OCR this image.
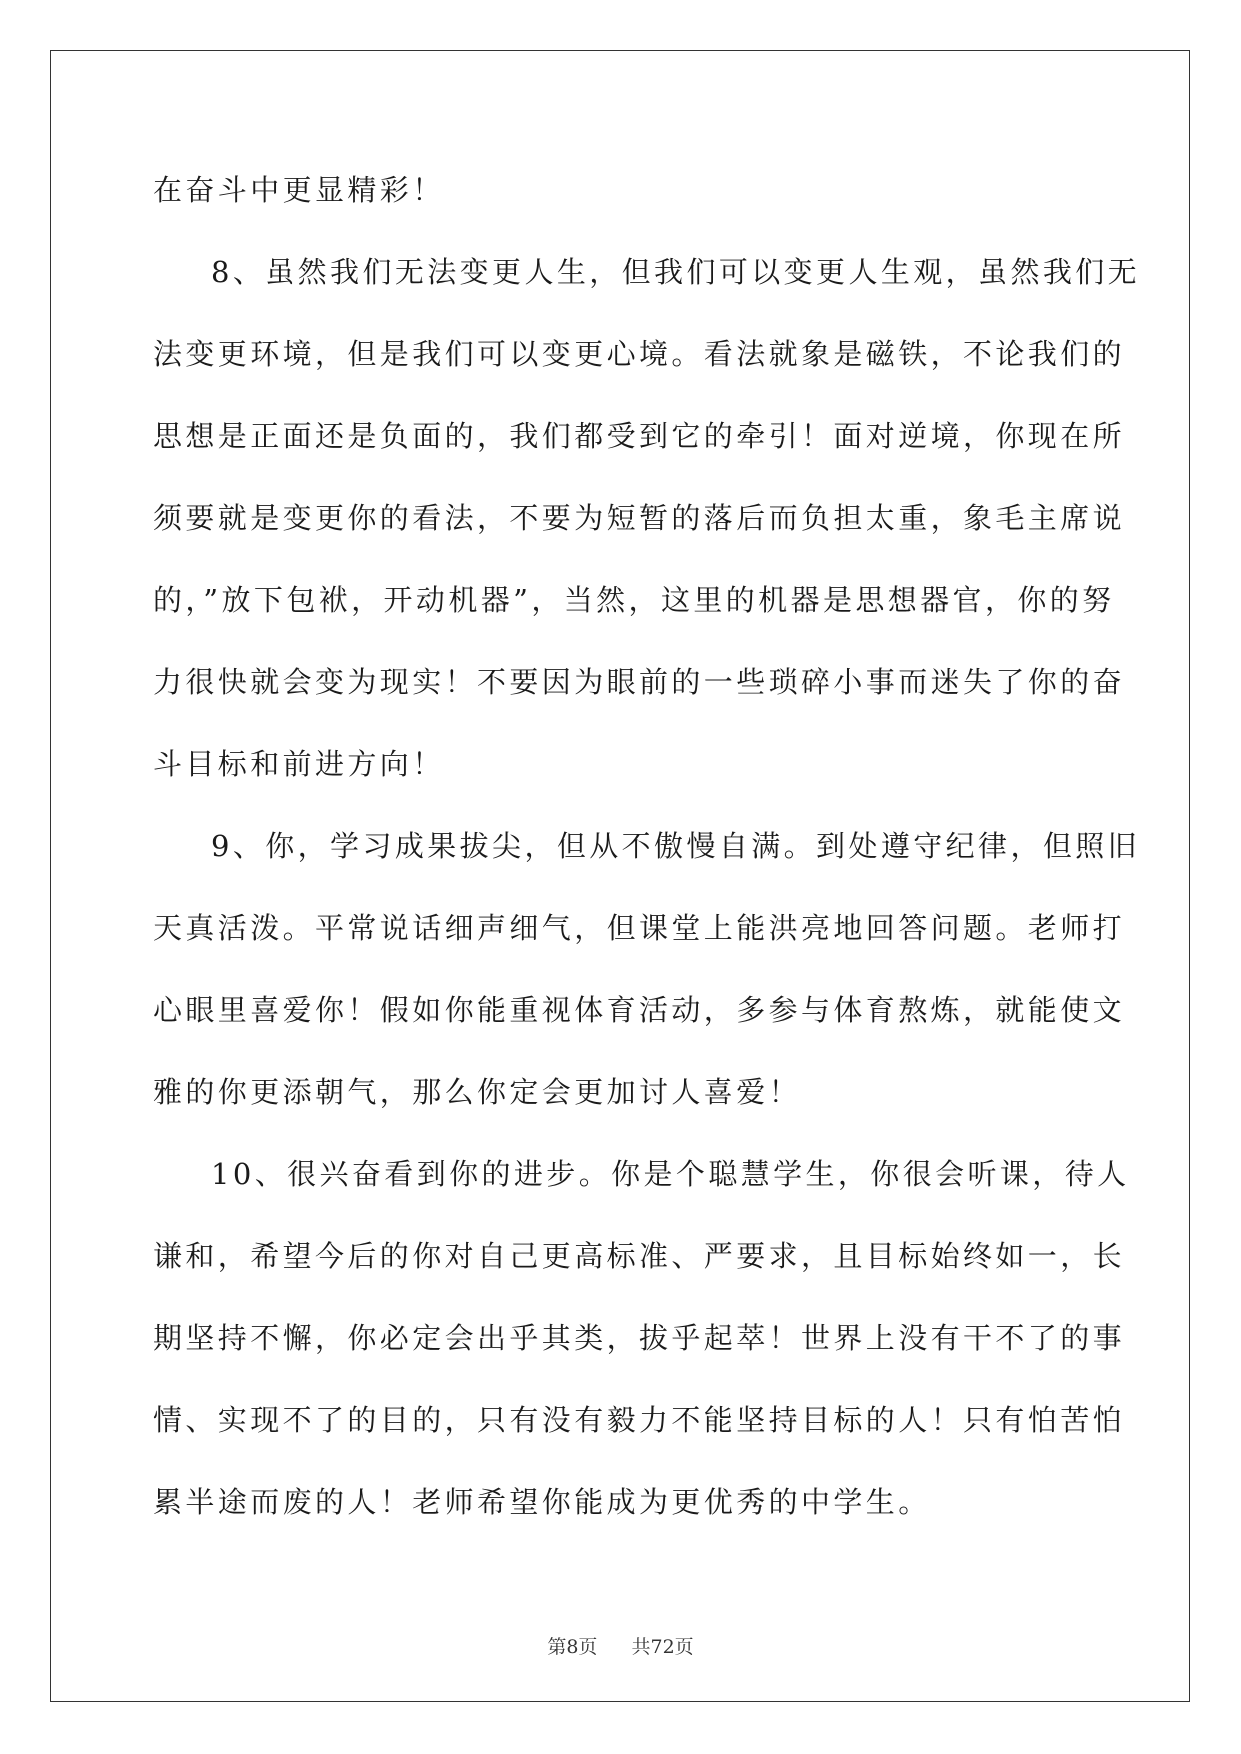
在奋斗中更显精彩！
8、虽然我们无法变更人生，但我们可以变更人生观，虽然我们无
法变更环境，但是我们可以变更心境。看法就象是磁铁，不论我们的
思想是正面还是负面的，我们都受到它的牵引！面对逆境，你现在所
须要就是变更你的看法，不要为短暂的落后而负担太重，象毛主席说
的，”放下包袱，开动机器”，当然，这里的机器是思想器官，你的努
力很快就会变为现实！不要因为眼前的一些琐碎小事而迷失了你的奋
斗目标和前进方向！
9、你，学习成果拔尖，但从不傲慢自满。到处遵守纪律，但照旧
天真活泼。平常说话细声细气，但课堂上能洪亮地回答问题。老师打
心眼里喜爱你！假如你能重视体育活动，多参与体育熬炼，就能使文
雅的你更添朝气，那么你定会更加讨人喜爱！
10、很兴奋看到你的进步。你是个聪慧学生，你很会听课，待人
谦和，希望今后的你对自己更高标准、严要求，且目标始终如一，长
期坚持不懈，你必定会出乎其类，拔乎起萃！世界上没有干不了的事
情、实现不了的目的，只有没有毅力不能坚持目标的人！只有怕苦怕
累半途而废的人！老师希望你能成为更优秀的中学生。
第8页 共72页
